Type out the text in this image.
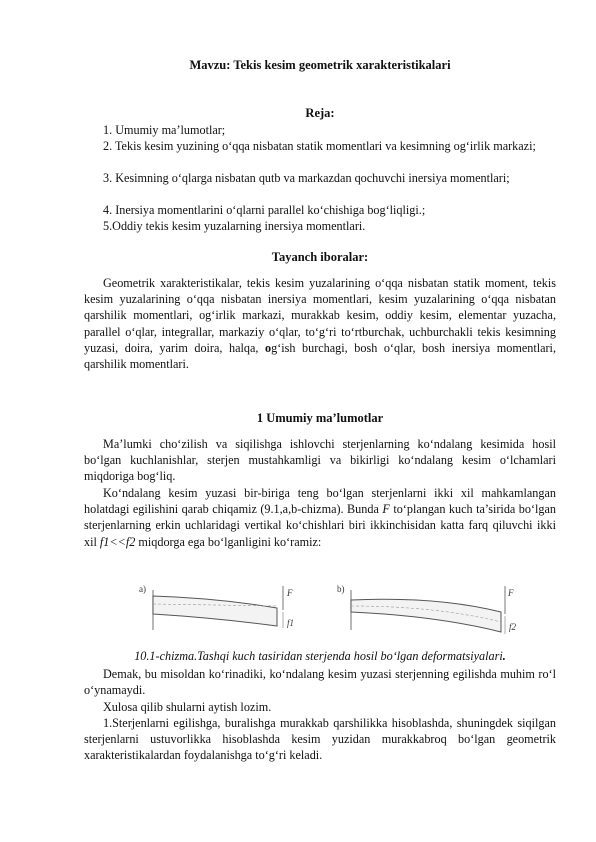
Mavzu: Tekis kesim geometrik xarakteristikalari
Reja:
1. Umumiy ma’lumotlar;
2. Tekis kesim yuzining o‘qqa nisbatan statik momentlari va kesimning og‘irlik markazi;
3. Kesimning o‘qlarga nisbatan qutb va markazdan qochuvchi inersiya momentlari;
4. Inersiya momentlarini o‘qlarni parallel ko‘chishiga bog‘liqligi.;
5.Oddiy tekis kesim yuzalarning inersiya momentlari.
Tayanch iboralar:
Geometrik xarakteristikalar, tekis kesim yuzalarining o‘qqa nisbatan statik moment, tekis kesim yuzalarining o‘qqa nisbatan inersiya momentlari, kesim yuzalarining o‘qqa nisbatan qarshilik momentlari, og‘irlik markazi, murakkab kesim, oddiy kesim, elementar yuzacha, parallel o‘qlar, integrallar, markaziy o‘qlar, to‘g‘ri to‘rtburchak, uchburchakli tekis kesimning yuzasi, doira, yarim doira, halqa, og‘ish burchagi, bosh o‘qlar, bosh inersiya momentlari, qarshilik momentlari.
1 Umumiy ma’lumotlar
Ma’lumki cho‘zilish va siqilishga ishlovchi sterjenlarning ko‘ndalang kesimida hosil bo‘lgan kuchlanishlar, sterjen mustahkamligi va bikirligi ko‘ndalang kesim o‘lchamlari miqdoriga bog‘liq.
Ko‘ndalang kesim yuzasi bir-biriga teng bo‘lgan sterjenlarni ikki xil mahkamlangan holatdagi egilishini qarab chiqamiz (9.1,a,b-chizma). Bunda F to‘plangan kuch ta’sirida bo‘lgan sterjenlarning erkin uchlaridagi vertikal ko‘chishlari biri ikkinchisidan katta farq qiluvchi ikki xil f1<<f2 miqdorga ega bo‘lganligini ko‘ramiz:
a)	F
f1
b)	F
f2
10.1-chizma.Tashqi kuch tasiridan sterjenda hosil bo‘lgan deformatsiyalari.
Demak, bu misoldan ko‘rinadiki, ko‘ndalang kesim yuzasi sterjenning egilishda muhim ro‘l o‘ynamaydi.
Xulosa qilib shularni aytish lozim.
1.Sterjenlarni egilishga, buralishga murakkab qarshilikka hisoblashda, shuningdek siqilgan sterjenlarni ustuvorlikka hisoblashda kesim yuzidan murakkabroq bo‘lgan geometrik xarakteristikalardan foydalanishga to‘g‘ri keladi.
